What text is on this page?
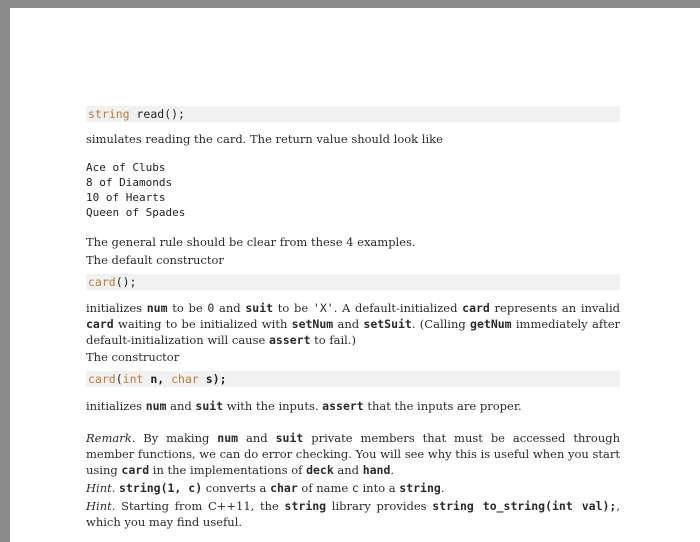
string read();
simulates reading the card. The return value should look like
Ace of Clubs
8 of Diamonds
10 of Hearts
Queen of Spades
The general rule should be clear from these 4 examples.
The default constructor
card();
initializes num to be 0 and suit to be 'X'. A default-initialized card represents an invalid card waiting to be initialized with setNum and setSuit. (Calling getNum immediately after default-initialization will cause assert to fail.)
The constructor
card(int n, char s);
initializes num and suit with the inputs. assert that the inputs are proper.
Remark. By making num and suit private members that must be accessed through member functions, we can do error checking. You will see why this is useful when you start using card in the implementations of deck and hand.
Hint. string(1, c) converts a char of name c into a string.
Hint. Starting from C++11, the string library provides string to_string(int val);, which you may find useful.
